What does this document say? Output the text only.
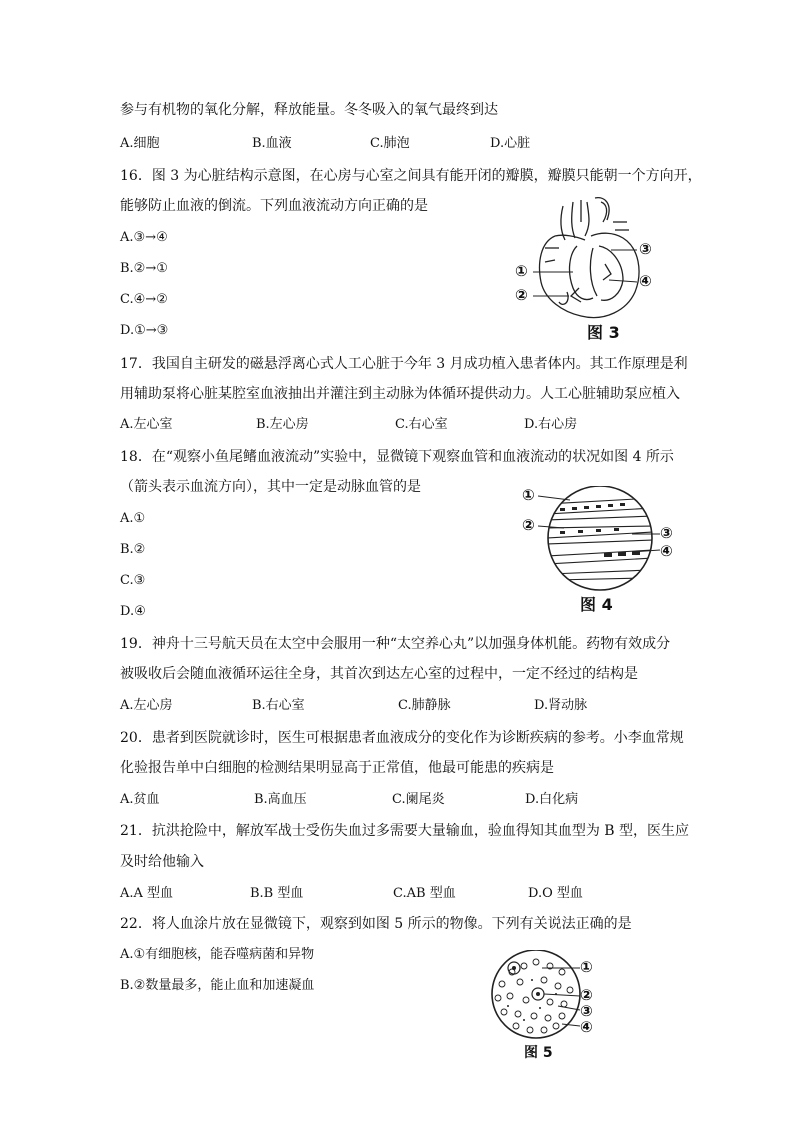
参与有机物的氧化分解，释放能量。冬冬吸入的氧气最终到达
A.细胞	B.血液	C.肺泡	D.心脏
16．图 3 为心脏结构示意图，在心房与心室之间具有能开闭的瓣膜，瓣膜只能朝一个方向开，
能够防止血液的倒流。下列血液流动方向正确的是
A.③→④
B.②→①
C.④→②
D.①→③
17．我国自主研发的磁悬浮离心式人工心脏于今年 3 月成功植入患者体内。其工作原理是利
用辅助泵将心脏某腔室血液抽出并灌注到主动脉为体循环提供动力。人工心脏辅助泵应植入
A.左心室	B.左心房	C.右心室	D.右心房
18．在“观察小鱼尾鳍血液流动”实验中，显微镜下观察血管和血液流动的状况如图 4 所示
（箭头表示血流方向），其中一定是动脉血管的是
A.①
B.②
C.③
D.④
19．神舟十三号航天员在太空中会服用一种“太空养心丸”以加强身体机能。药物有效成分
被吸收后会随血液循环运往全身，其首次到达左心室的过程中，一定不经过的结构是
A.左心房	B.右心室	C.肺静脉	D.肾动脉
20．患者到医院就诊时，医生可根据患者血液成分的变化作为诊断疾病的参考。小李血常规
化验报告单中白细胞的检测结果明显高于正常值，他最可能患的疾病是
A.贫血	B.高血压	C.阑尾炎	D.白化病
21．抗洪抢险中，解放军战士受伤失血过多需要大量输血，验血得知其血型为 B 型，医生应
及时给他输入
A.A 型血	B.B 型血	C.AB 型血	D.O 型血
22．将人血涂片放在显微镜下，观察到如图 5 所示的物像。下列有关说法正确的是
A.①有细胞核，能吞噬病菌和异物
B.②数量最多，能止血和加速凝血
①
②
③
④
图 3
①
②	③
④
图 4
①
②
③
④
图 5
